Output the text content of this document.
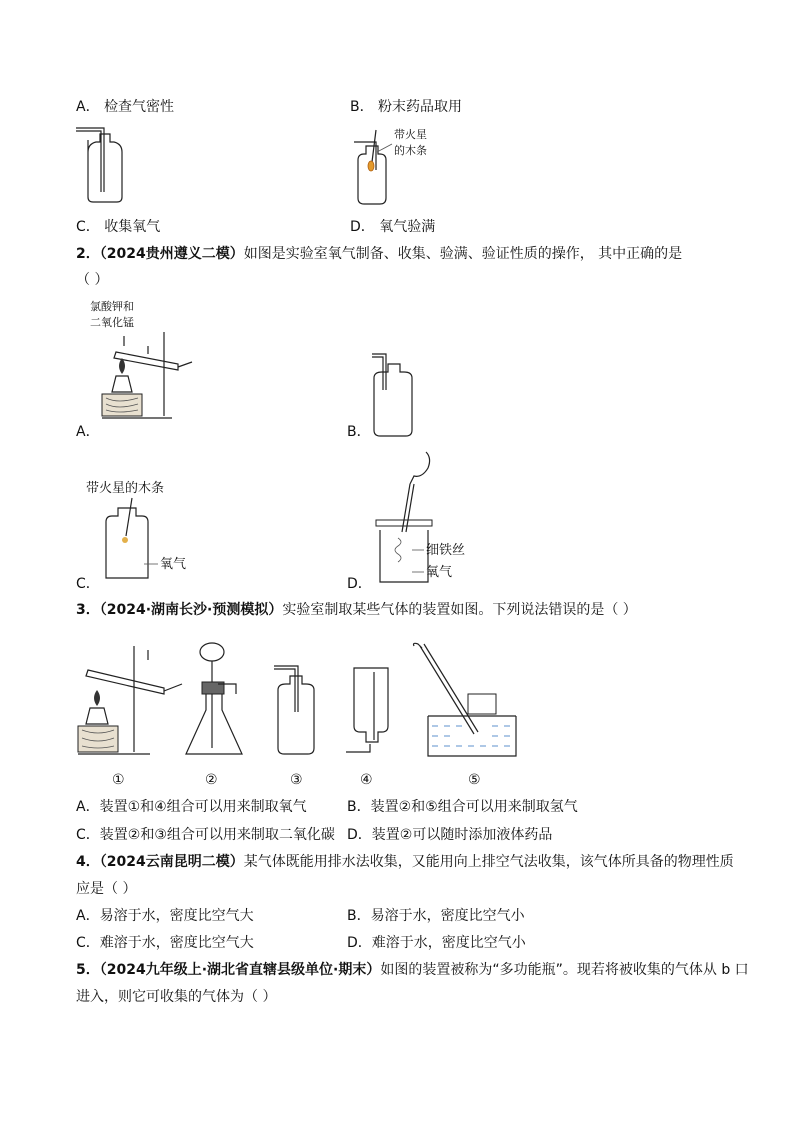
A． 检查气密性	B． 粉末药品取用
带火星
的木条
C． 收集氧气	D． 氧气验满
2．（2024贵州遵义二模）如图是实验室氧气制备、收集、验满、验证性质的操作， 其中正确的是
（ ）
氯酸钾和
二氧化锰
A．	B．
带火星的木条
氧气
C．
细铁丝
氧气
D．
3．（2024·湖南长沙·预测模拟）实验室制取某些气体的装置如图。下列说法错误的是（ ）
①	②	③	④	⑤
A．装置①和④组合可以用来制取氧气	B．装置②和⑤组合可以用来制取氢气
C．装置②和③组合可以用来制取二氧化碳 D．装置②可以随时添加液体药品
4．（2024云南昆明二模）某气体既能用排水法收集，又能用向上排空气法收集，该气体所具备的物理性质
应是（ ）
A．易溶于水，密度比空气大	B．易溶于水，密度比空气小
C．难溶于水，密度比空气大	D．难溶于水，密度比空气小
5．（2024九年级上·湖北省直辖县级单位·期末）如图的装置被称为“多功能瓶”。现若将被收集的气体从 b 口
进入，则它可收集的气体为（ ）
